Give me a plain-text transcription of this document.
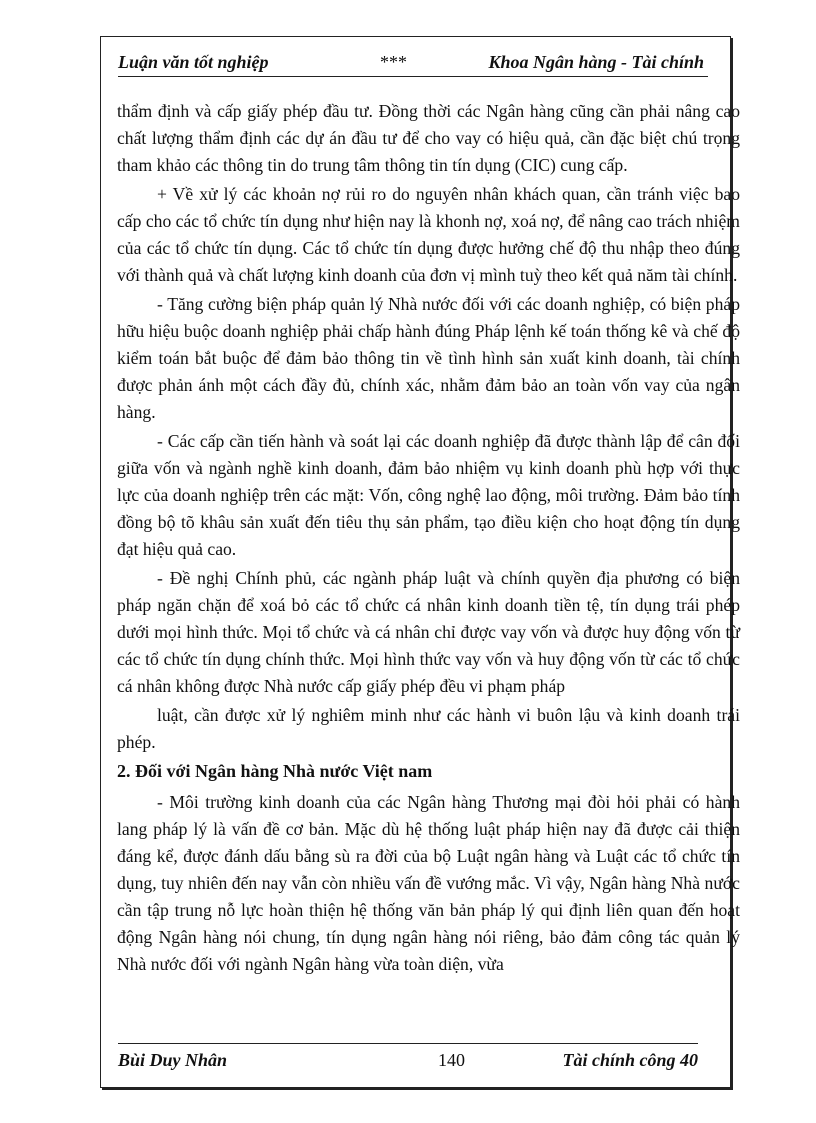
Luận văn tốt nghiệp	***	Khoa Ngân hàng - Tài chính

thẩm định và cấp giấy phép đầu tư. Đồng thời các Ngân hàng cũng cần phải nâng cao chất lượng thẩm định các dự án đầu tư để cho vay có hiệu quả, cần đặc biệt chú trọng tham khảo các thông tin do trung tâm thông tin tín dụng (CIC) cung cấp.

+ Về xử lý các khoản nợ rủi ro do nguyên nhân khách quan, cần tránh việc bao cấp cho các tổ chức tín dụng như hiện nay là khonh nợ, xoá nợ, để nâng cao trách nhiệm của các tổ chức tín dụng. Các tổ chức tín dụng được hưởng chế độ thu nhập theo đúng với thành quả và chất lượng kinh doanh của đơn vị mình tuỳ theo kết quả năm tài chính.

- Tăng cường biện pháp quản lý Nhà nước đối với các doanh nghiệp, có biện pháp hữu hiệu buộc doanh nghiệp phải chấp hành đúng Pháp lệnh kế toán thống kê và chế độ kiểm toán bắt buộc để đảm bảo thông tin về tình hình sản xuất kinh doanh, tài chính được phản ánh một cách đầy đủ, chính xác, nhằm đảm bảo an toàn vốn vay của ngân hàng.

- Các cấp cần tiến hành và soát lại các doanh nghiệp đã được thành lập để cân đối giữa vốn và ngành nghề kinh doanh, đảm bảo nhiệm vụ kinh doanh phù hợp với thực lực của doanh nghiệp trên các mặt: Vốn, công nghệ lao động, môi trường. Đảm bảo tính đồng bộ tõ khâu sản xuất đến tiêu thụ sản phẩm, tạo điều kiện cho hoạt động tín dụng đạt hiệu quả cao.

- Đề nghị Chính phủ, các ngành pháp luật và chính quyền địa phương có biện pháp ngăn chặn để xoá bỏ các tổ chức cá nhân kinh doanh tiền tệ, tín dụng trái phép dưới mọi hình thức. Mọi tổ chức và cá nhân chỉ được vay vốn và được huy động vốn từ các tổ chức tín dụng chính thức. Mọi hình thức vay vốn và huy động vốn từ các tổ chức cá nhân không được Nhà nước cấp giấy phép đều vi phạm pháp

luật, cần được xử lý nghiêm minh như các hành vi buôn lậu và kinh doanh trái phép.

2. Đối với Ngân hàng Nhà nước Việt nam

- Môi trường kinh doanh của các Ngân hàng Thương mại đòi hỏi phải có hành lang pháp lý là vấn đề cơ bản. Mặc dù hệ thống luật pháp hiện nay đã được cải thiện đáng kể, được đánh dấu bằng sù ra đời của bộ Luật ngân hàng và Luật các tổ chức tín dụng, tuy nhiên đến nay vẫn còn nhiều vấn đề vướng mắc. Vì vậy, Ngân hàng Nhà nước cần tập trung nỗ lực hoàn thiện hệ thống văn bản pháp lý qui định liên quan đến hoạt động Ngân hàng nói chung, tín dụng ngân hàng nói riêng, bảo đảm công tác quản lý Nhà nước đối với ngành Ngân hàng vừa toàn diện, vừa

Bùi Duy Nhân	140	Tài chính công 40
